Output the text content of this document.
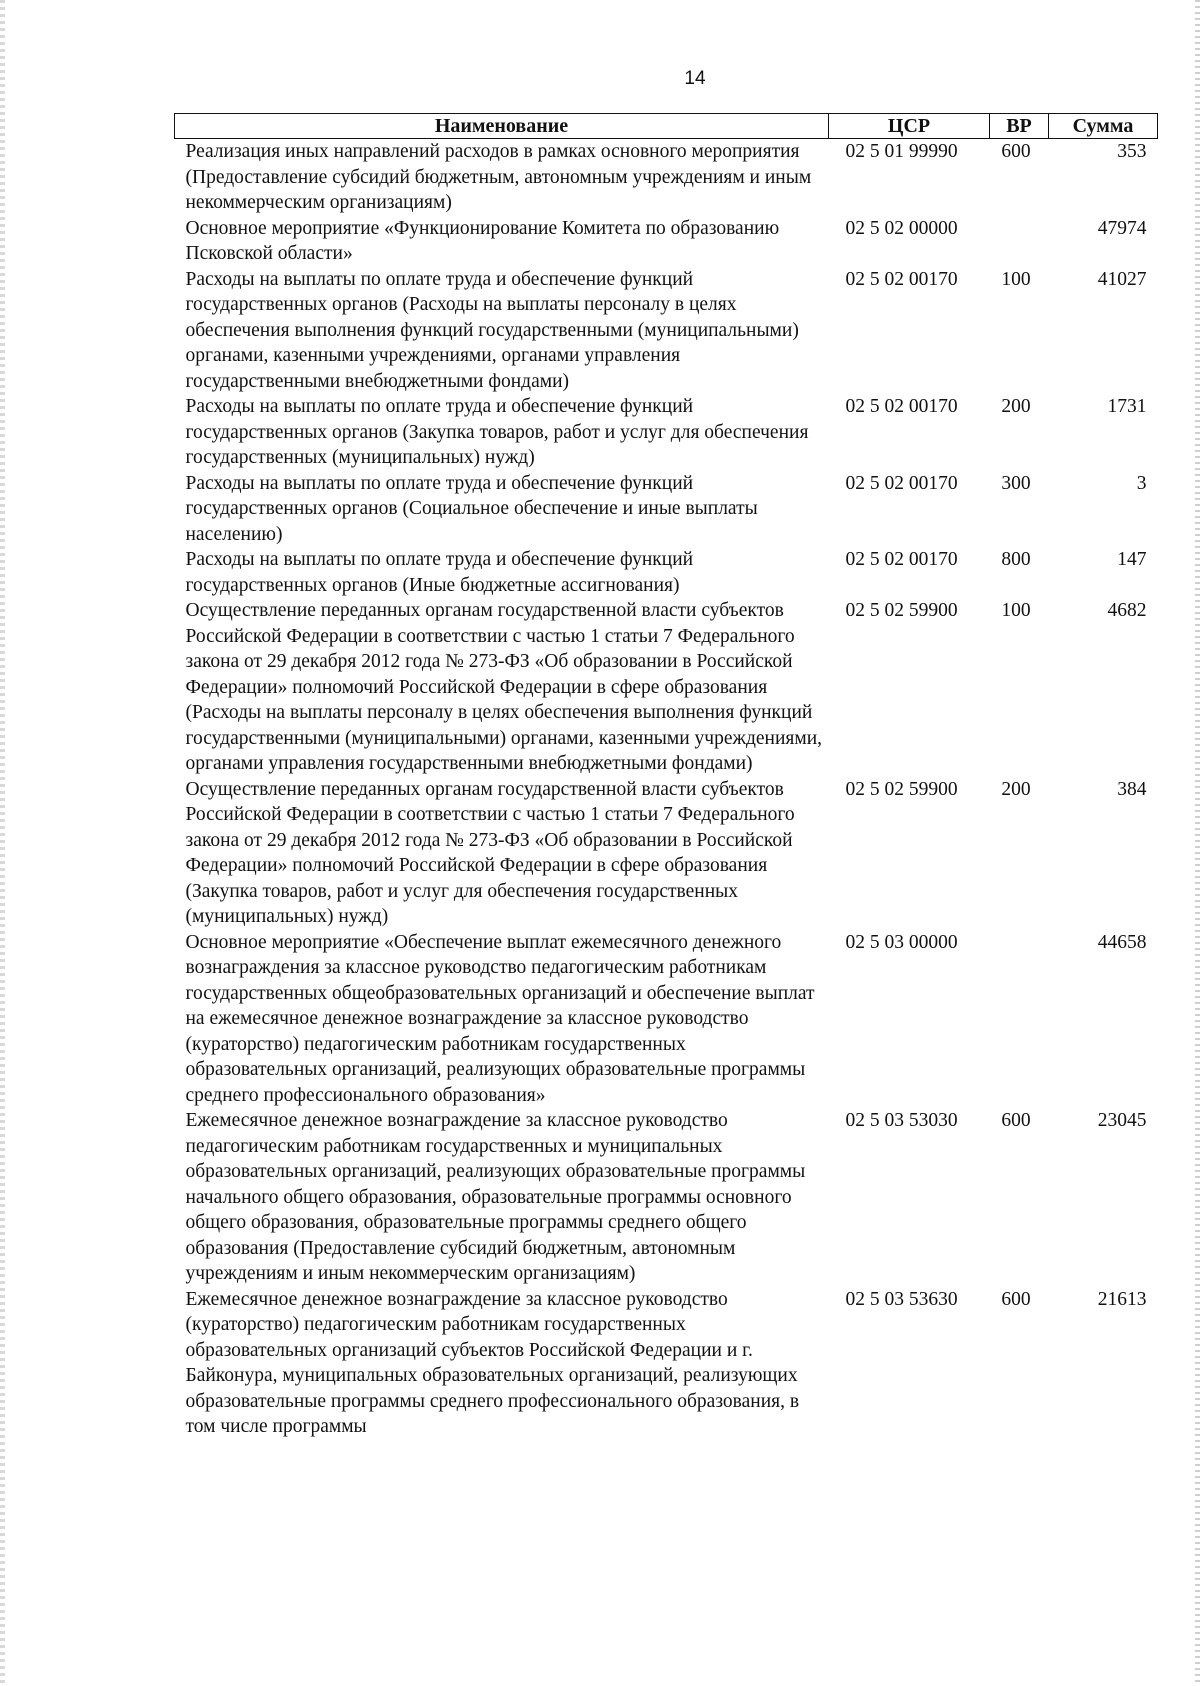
14
Наименование	ЦСР	ВР	Сумма
Реализация иных направлений расходов в рамках основного мероприятия (Предоставление субсидий бюджетным, автономным учреждениям и иным некоммерческим организациям)	02 5 01 99990	600	353
Основное мероприятие «Функционирование Комитета по образованию Псковской области»	02 5 02 00000		47974
Расходы на выплаты по оплате труда и обеспечение функций государственных органов (Расходы на выплаты персоналу в целях обеспечения выполнения функций государственными (муниципальными) органами, казенными учреждениями, органами управления государственными внебюджетными фондами)	02 5 02 00170	100	41027
Расходы на выплаты по оплате труда и обеспечение функций государственных органов (Закупка товаров, работ и услуг для обеспечения государственных (муниципальных) нужд)	02 5 02 00170	200	1731
Расходы на выплаты по оплате труда и обеспечение функций государственных органов (Социальное обеспечение и иные выплаты населению)	02 5 02 00170	300	3
Расходы на выплаты по оплате труда и обеспечение функций государственных органов (Иные бюджетные ассигнования)	02 5 02 00170	800	147
Осуществление переданных органам государственной власти субъектов Российской Федерации в соответствии с частью 1 статьи 7 Федерального закона от 29 декабря 2012 года № 273-ФЗ «Об образовании в Российской Федерации» полномочий Российской Федерации в сфере образования (Расходы на выплаты персоналу в целях обеспечения выполнения функций государственными (муниципальными) органами, казенными учреждениями, органами управления государственными внебюджетными фондами)	02 5 02 59900	100	4682
Осуществление переданных органам государственной власти субъектов Российской Федерации в соответствии с частью 1 статьи 7 Федерального закона от 29 декабря 2012 года № 273-ФЗ «Об образовании в Российской Федерации» полномочий Российской Федерации в сфере образования (Закупка товаров, работ и услуг для обеспечения государственных (муниципальных) нужд)	02 5 02 59900	200	384
Основное мероприятие «Обеспечение выплат ежемесячного денежного вознаграждения за классное руководство педагогическим работникам государственных общеобразовательных организаций и обеспечение выплат на ежемесячное денежное вознаграждение за классное руководство (кураторство) педагогическим работникам государственных образовательных организаций, реализующих образовательные программы среднего профессионального образования»	02 5 03 00000		44658
Ежемесячное денежное вознаграждение за классное руководство педагогическим работникам государственных и муниципальных образовательных организаций, реализующих образовательные программы начального общего образования, образовательные программы основного общего образования, образовательные программы среднего общего образования (Предоставление субсидий бюджетным, автономным учреждениям и иным некоммерческим организациям)	02 5 03 53030	600	23045
Ежемесячное денежное вознаграждение за классное руководство (кураторство) педагогическим работникам государственных образовательных организаций субъектов Российской Федерации и г. Байконура, муниципальных образовательных организаций, реализующих образовательные программы среднего профессионального образования, в том числе программы	02 5 03 53630	600	21613
